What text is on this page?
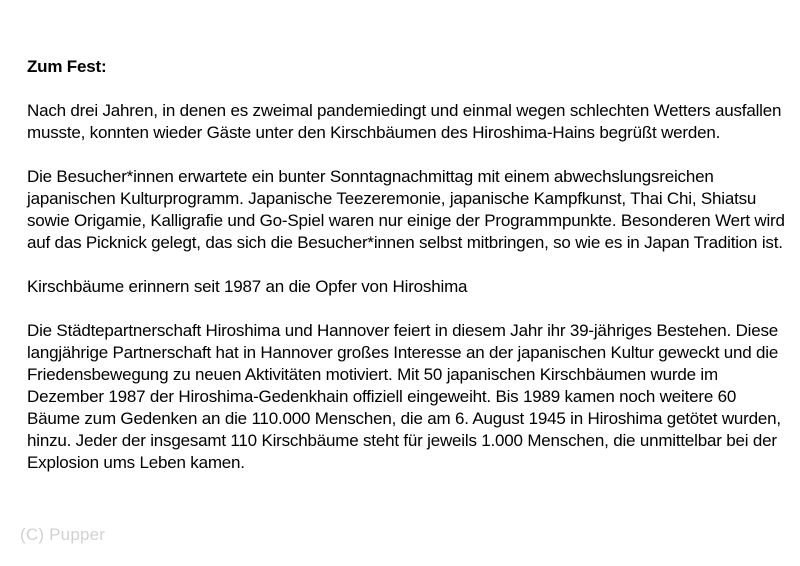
Zum Fest:

Nach drei Jahren, in denen es zweimal pandemiedingt und einmal wegen schlechten Wetters ausfallen musste, konnten wieder Gäste unter den Kirschbäumen des Hiroshima-Hains begrüßt werden.

Die Besucher*innen erwartete ein bunter Sonntagnachmittag mit einem abwechslungsreichen japanischen Kulturprogramm. Japanische Teezeremonie, japanische Kampfkunst, Thai Chi, Shiatsu sowie Origamie, Kalligrafie und Go-Spiel waren nur einige der Programmpunkte. Besonderen Wert wird auf das Picknick gelegt, das sich die Besucher*innen selbst mitbringen, so wie es in Japan Tradition ist.

Kirschbäume erinnern seit 1987 an die Opfer von Hiroshima

Die Städtepartnerschaft Hiroshima und Hannover feiert in diesem Jahr ihr 39-jähriges Bestehen. Diese langjährige Partnerschaft hat in Hannover großes Interesse an der japanischen Kultur geweckt und die Friedensbewegung zu neuen Aktivitäten motiviert. Mit 50 japanischen Kirschbäumen wurde im Dezember 1987 der Hiroshima-Gedenkhain offiziell eingeweiht. Bis 1989 kamen noch weitere 60 Bäume zum Gedenken an die 110.000 Menschen, die am 6. August 1945 in Hiroshima getötet wurden, hinzu. Jeder der insgesamt 110 Kirschbäume steht für jeweils 1.000 Menschen, die unmittelbar bei der Explosion ums Leben kamen.

(C) Pupper
